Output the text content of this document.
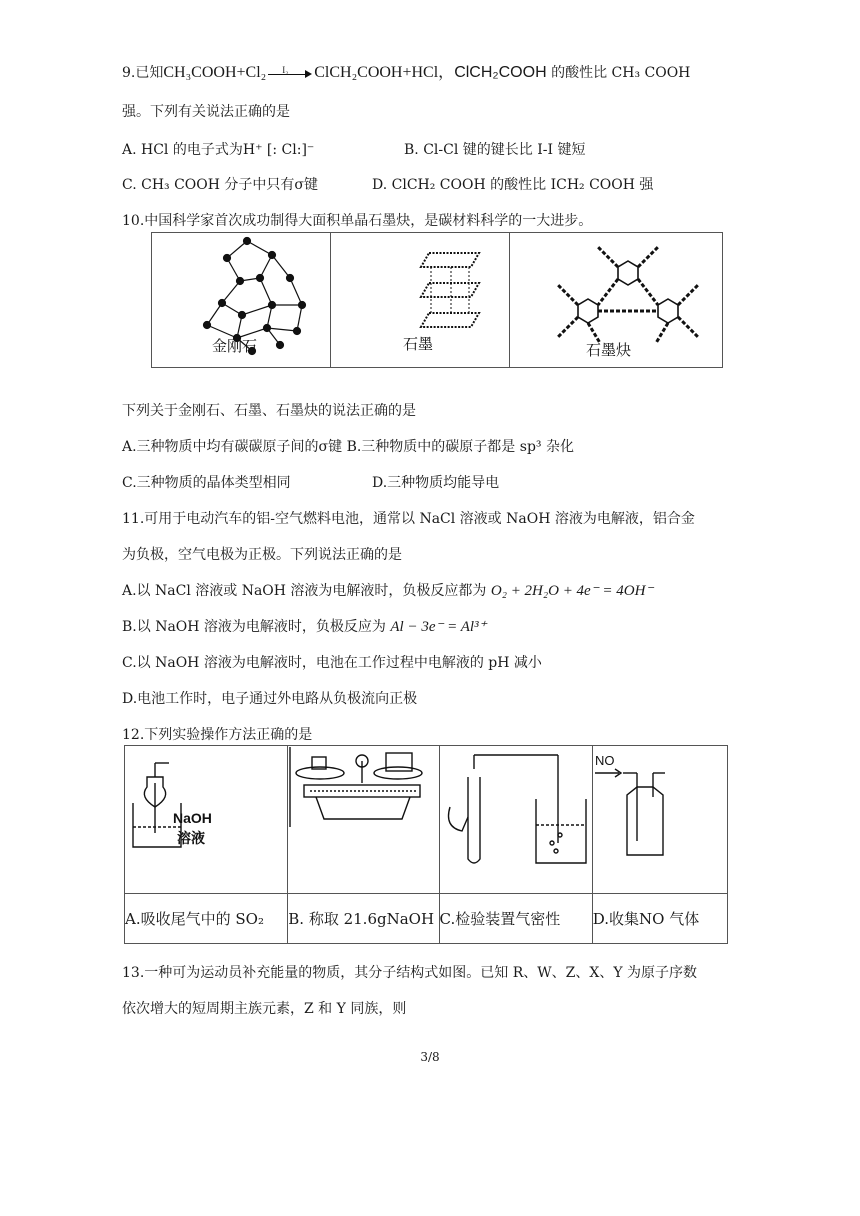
9.已知CH₃COOH+Cl₂ I₂ ClCH₂COOH+HCl，ClCH₂COOH 的酸性比 CH₃ COOH
强。下列有关说法正确的是
A. HCl 的电子式为H⁺ [: Cl:]⁻	B. Cl-Cl 键的键长比 I-I 键短
C. CH₃ COOH 分子中只有σ键	D. ClCH₂ COOH 的酸性比 ICH₂ COOH 强
10.中国科学家首次成功制得大面积单晶石墨炔，是碳材料科学的一大进步。
金刚石	石墨	石墨炔
下列关于金刚石、石墨、石墨炔的说法正确的是
A.三种物质中均有碳碳原子间的σ键 B.三种物质中的碳原子都是 sp³ 杂化
C.三种物质的晶体类型相同	D.三种物质均能导电
11.可用于电动汽车的铝-空气燃料电池，通常以 NaCl 溶液或 NaOH 溶液为电解液，铝合金
为负极，空气电极为正极。下列说法正确的是
A.以 NaCl 溶液或 NaOH 溶液为电解液时，负极反应都为 O₂ + 2H₂O + 4e⁻ = 4OH⁻
B.以 NaOH 溶液为电解液时，负极反应为 Al − 3e⁻ = Al³⁺
C.以 NaOH 溶液为电解液时，电池在工作过程中电解液的 pH 减小
D.电池工作时，电子通过外电路从负极流向正极
12.下列实验操作方法正确的是
NaOH
溶液			NO

A.吸收尾气中的 SO₂	B. 称取 21.6gNaOH	C.检验装置气密性	D.收集NO 气体
13.一种可为运动员补充能量的物质，其分子结构式如图。已知 R、W、Z、X、Y 为原子序数
依次增大的短周期主族元素，Z 和 Y 同族，则
3/8
